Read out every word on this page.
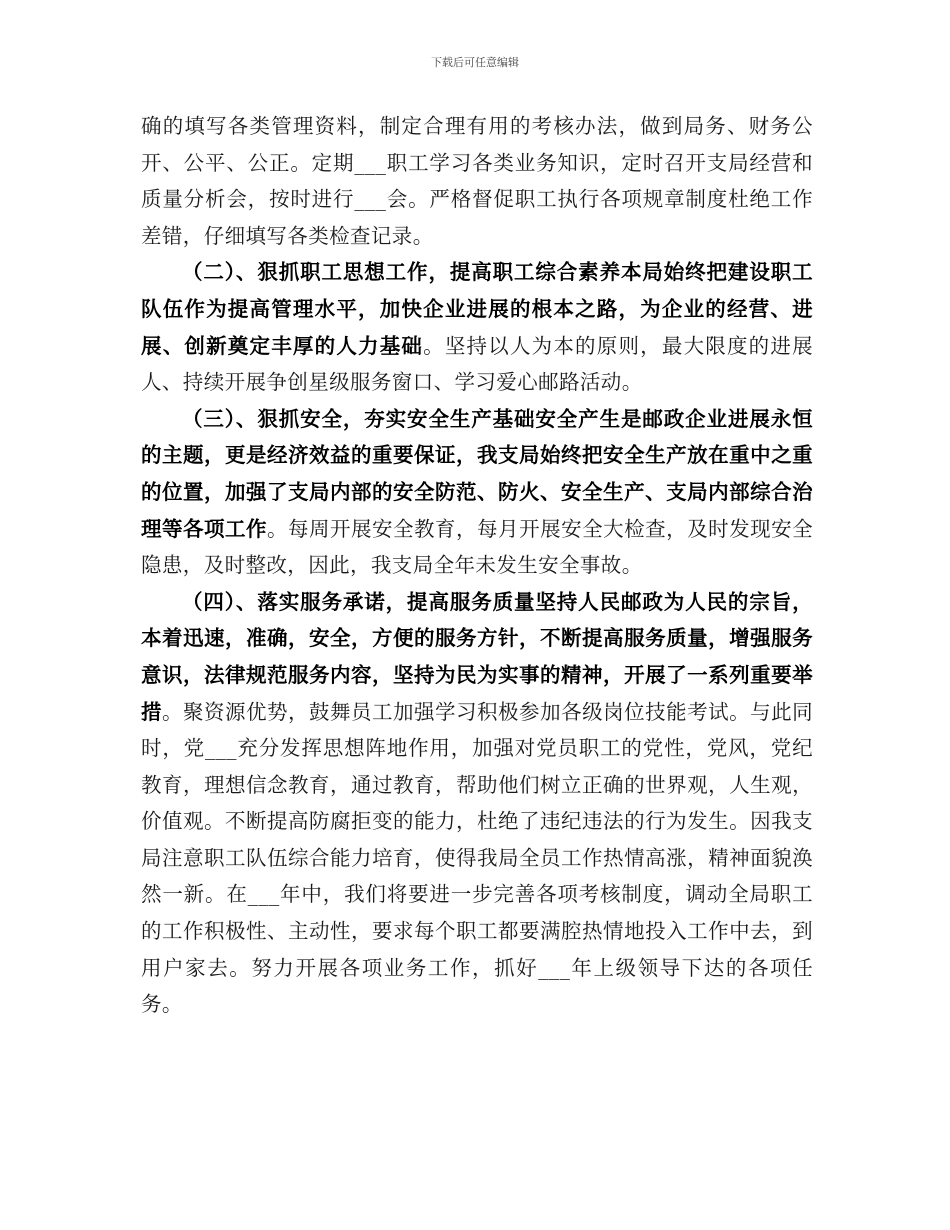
下载后可任意编辑

确的填写各类管理资料，制定合理有用的考核办法，做到局务、财务公开、公平、公正。定期___职工学习各类业务知识，定时召开支局经营和质量分析会，按时进行___会。严格督促职工执行各项规章制度杜绝工作差错，仔细填写各类检查记录。

（二）、狠抓职工思想工作，提高职工综合素养本局始终把建设职工队伍作为提高管理水平，加快企业进展的根本之路，为企业的经营、进展、创新奠定丰厚的人力基础。坚持以人为本的原则，最大限度的进展人、持续开展争创星级服务窗口、学习爱心邮路活动。

（三）、狠抓安全，夯实安全生产基础安全产生是邮政企业进展永恒的主题，更是经济效益的重要保证，我支局始终把安全生产放在重中之重的位置，加强了支局内部的安全防范、防火、安全生产、支局内部综合治理等各项工作。每周开展安全教育，每月开展安全大检查，及时发现安全隐患，及时整改，因此，我支局全年未发生安全事故。

（四）、落实服务承诺，提高服务质量坚持人民邮政为人民的宗旨，本着迅速，准确，安全，方便的服务方针，不断提高服务质量，增强服务意识，法律规范服务内容，坚持为民为实事的精神，开展了一系列重要举措。聚资源优势，鼓舞员工加强学习积极参加各级岗位技能考试。与此同时，党___充分发挥思想阵地作用，加强对党员职工的党性，党风，党纪教育，理想信念教育，通过教育，帮助他们树立正确的世界观，人生观，价值观。不断提高防腐拒变的能力，杜绝了违纪违法的行为发生。因我支局注意职工队伍综合能力培育，使得我局全员工作热情高涨，精神面貌涣然一新。在___年中，我们将要进一步完善各项考核制度，调动全局职工的工作积极性、主动性，要求每个职工都要满腔热情地投入工作中去，到用户家去。努力开展各项业务工作，抓好___年上级领导下达的各项任务。
